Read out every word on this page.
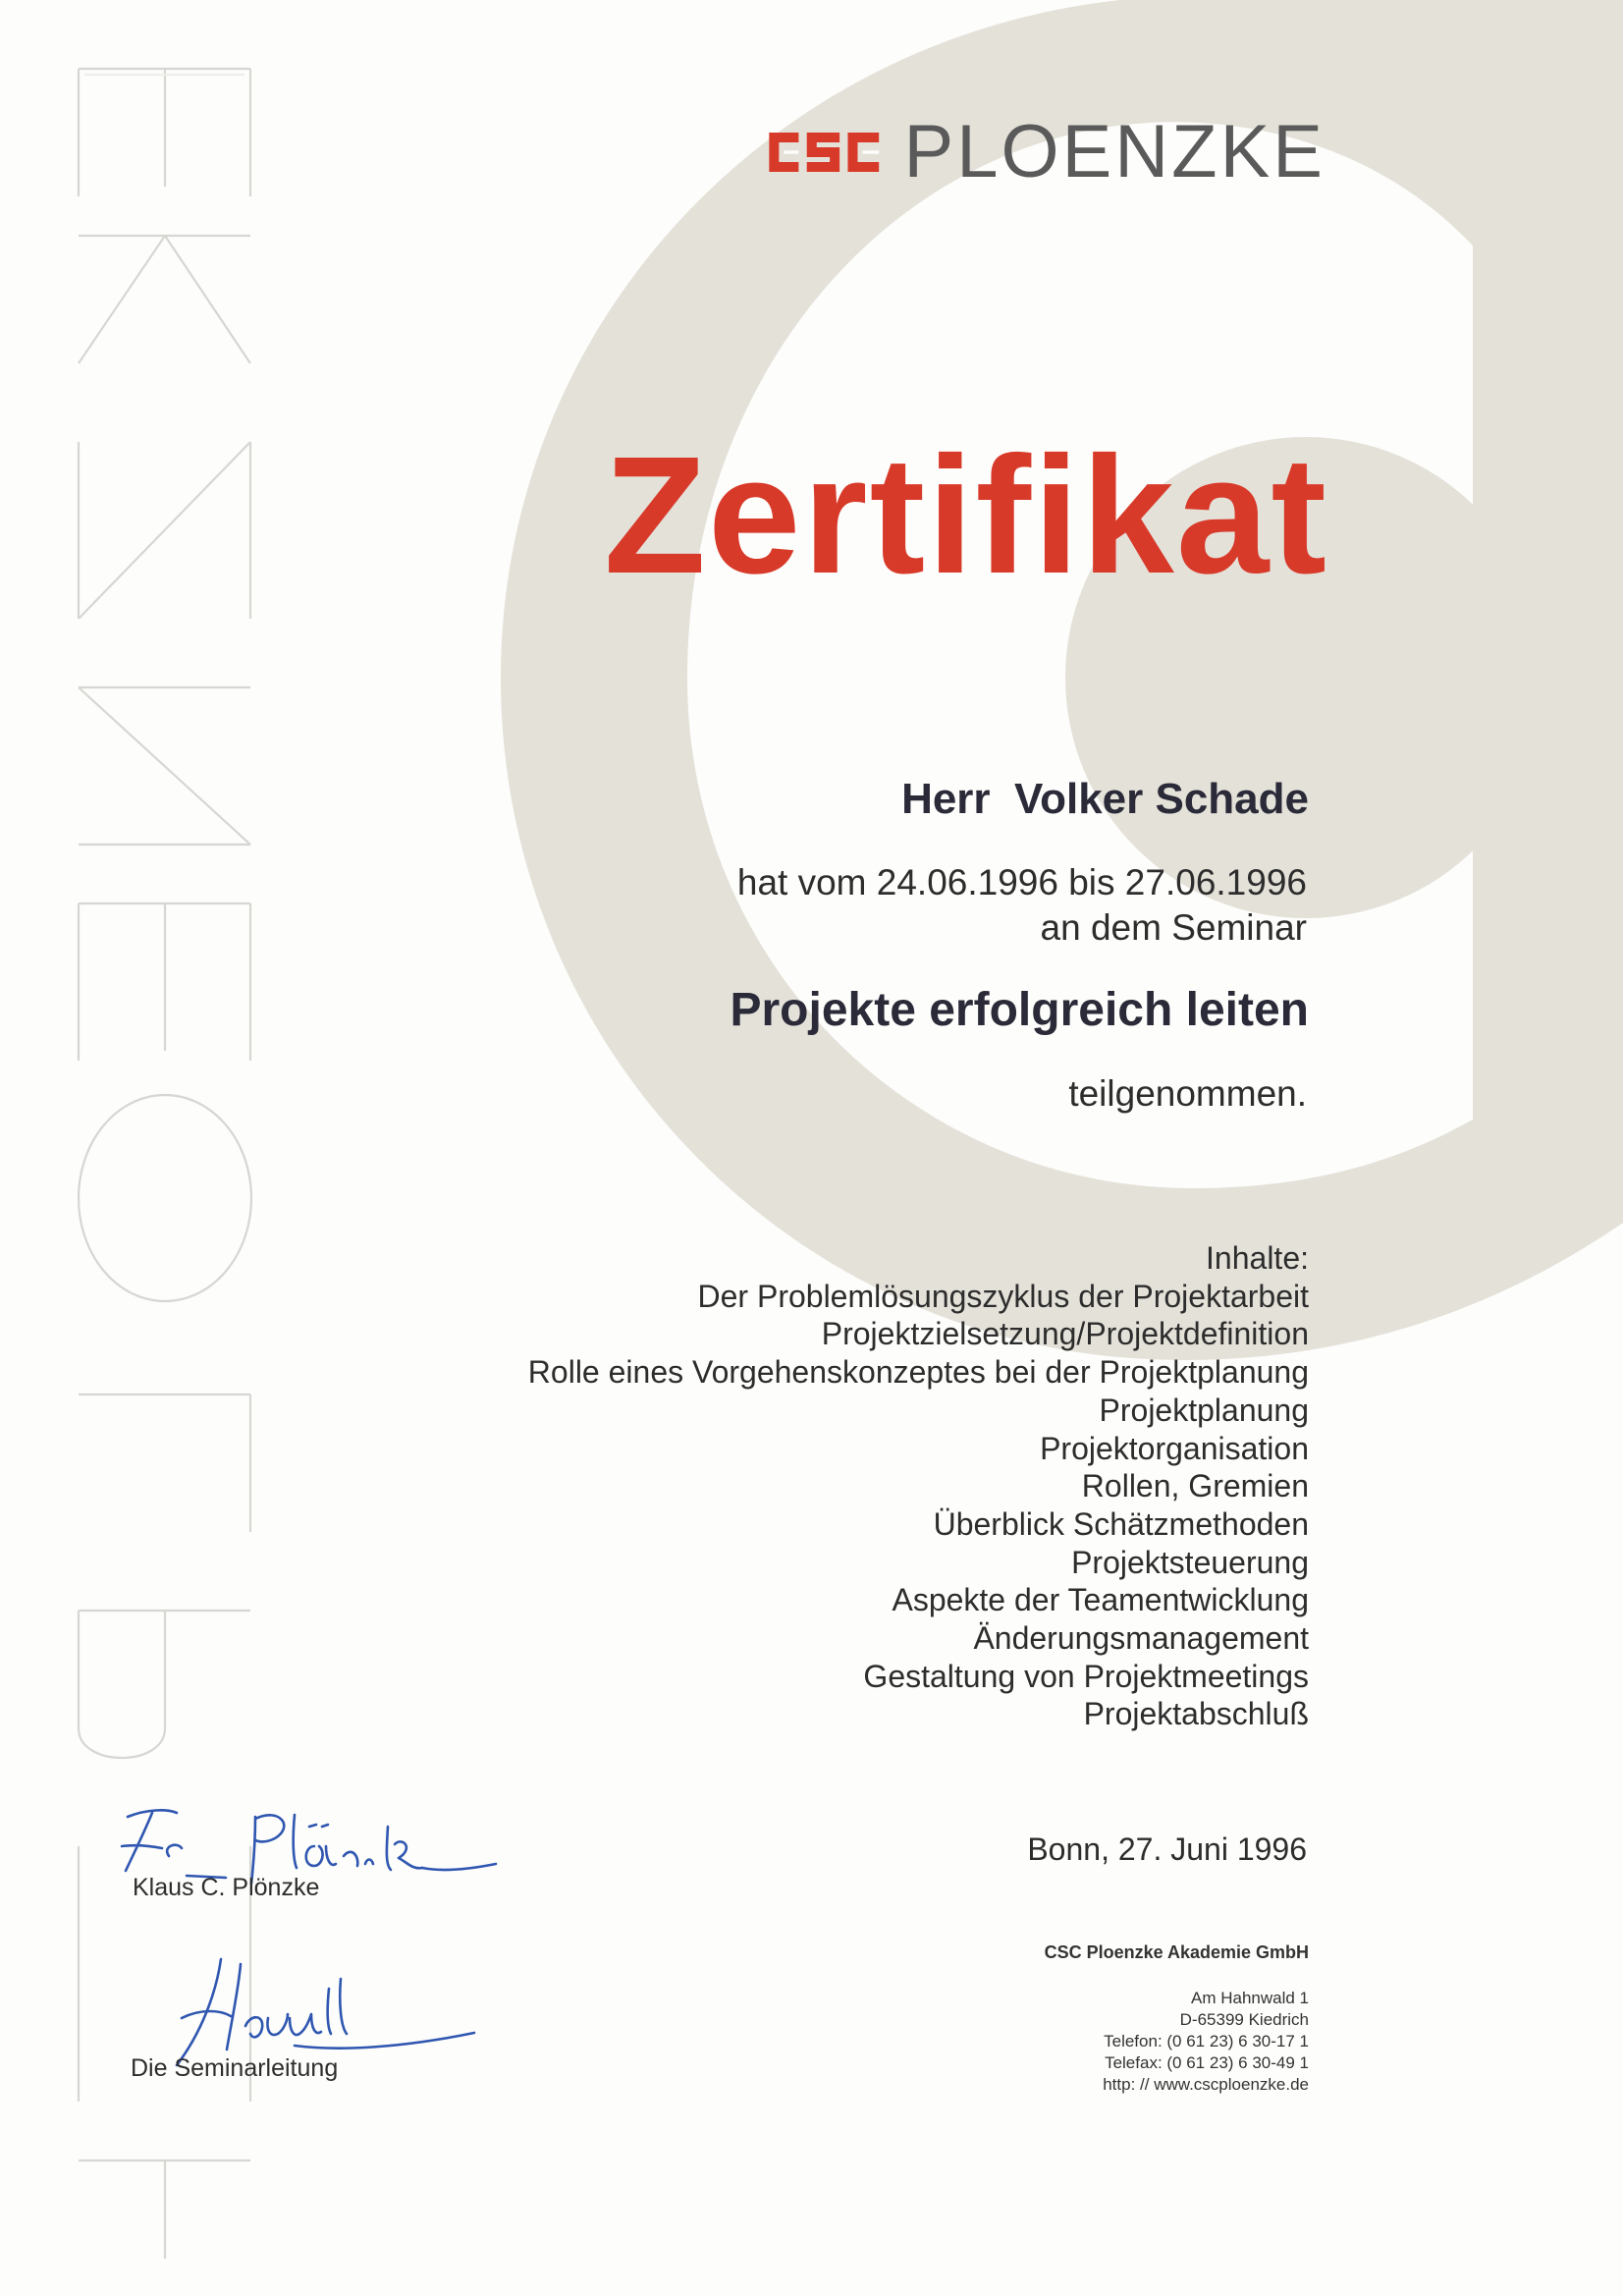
PLOENZKE
Zertifikat
Herr  Volker Schade
hat vom 24.06.1996 bis 27.06.1996
an dem Seminar
Projekte erfolgreich leiten
teilgenommen.
Inhalte:
Der Problemlösungszyklus der Projektarbeit
Projektzielsetzung/Projektdefinition
Rolle eines Vorgehenskonzeptes bei der Projektplanung
Projektplanung
Projektorganisation
Rollen, Gremien
Überblick Schätzmethoden
Projektsteuerung
Aspekte der Teamentwicklung
Änderungsmanagement
Gestaltung von Projektmeetings
Projektabschluß
Bonn, 27. Juni 1996
Klaus C. Plönzke
Die Seminarleitung
CSC Ploenzke Akademie GmbH
Am Hahnwald 1
D-65399 Kiedrich
Telefon: (0 61 23) 6 30-17 1
Telefax: (0 61 23) 6 30-49 1
http: // www.cscploenzke.de
